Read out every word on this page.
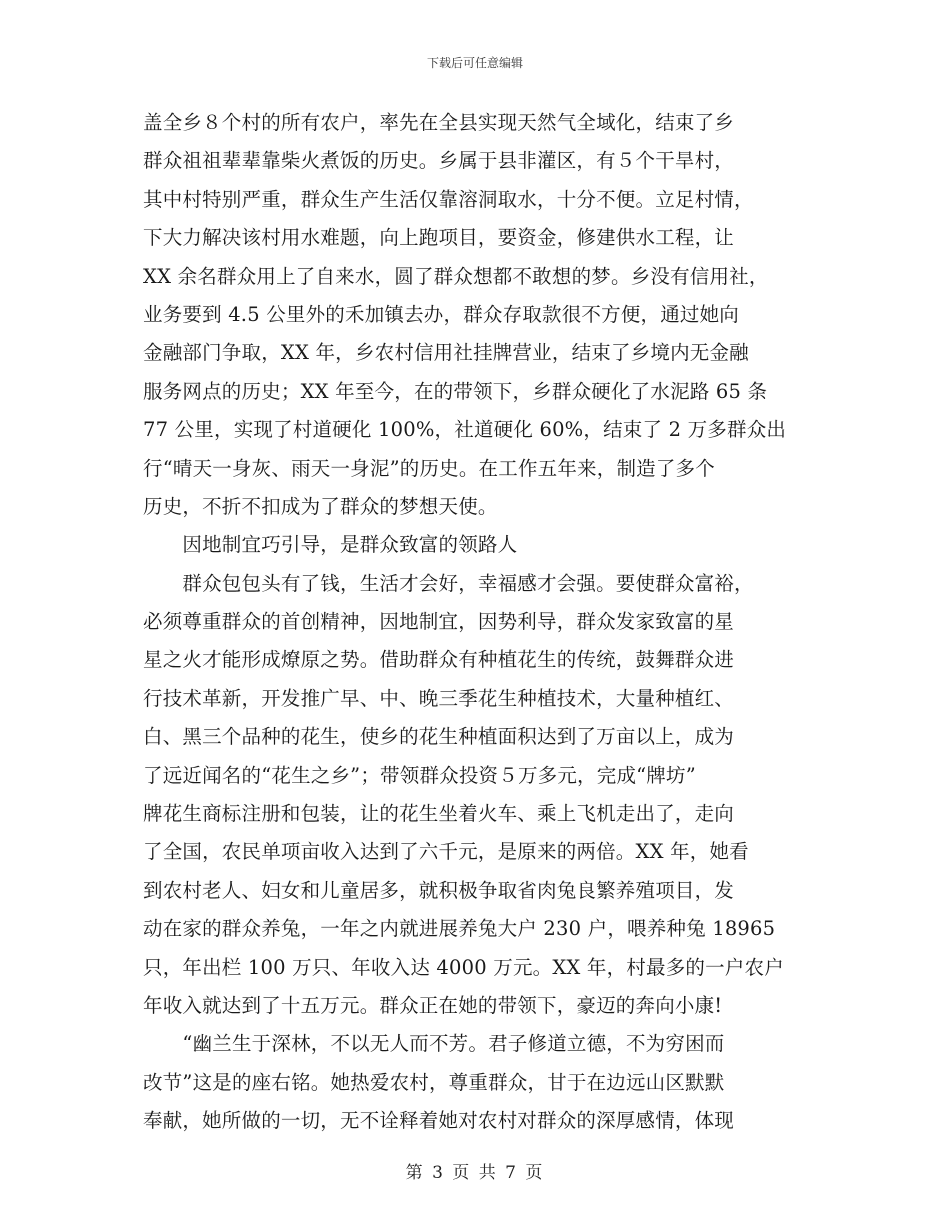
下载后可任意编辑
盖全乡８个村的所有农户，率先在全县实现天然气全域化，结束了乡
群众祖祖辈辈靠柴火煮饭的历史。乡属于县非灌区，有５个干旱村，
其中村特别严重，群众生产生活仅靠溶洞取水，十分不便。立足村情，
下大力解决该村用水难题，向上跑项目，要资金，修建供水工程，让
XX 余名群众用上了自来水，圆了群众想都不敢想的梦。乡没有信用社，
业务要到 4.5 公里外的禾加镇去办，群众存取款很不方便，通过她向
金融部门争取，XX 年，乡农村信用社挂牌营业，结束了乡境内无金融
服务网点的历史；XX 年至今，在的带领下，乡群众硬化了水泥路 65 条
77 公里，实现了村道硬化 100%，社道硬化 60%，结束了 2 万多群众出
行“晴天一身灰、雨天一身泥”的历史。在工作五年来，制造了多个
历史，不折不扣成为了群众的梦想天使。
　　因地制宜巧引导，是群众致富的领路人
　　群众包包头有了钱，生活才会好，幸福感才会强。要使群众富裕，
必须尊重群众的首创精神，因地制宜，因势利导，群众发家致富的星
星之火才能形成燎原之势。借助群众有种植花生的传统，鼓舞群众进
行技术革新，开发推广早、中、晚三季花生种植技术，大量种植红、
白、黑三个品种的花生，使乡的花生种植面积达到了万亩以上，成为
了远近闻名的“花生之乡”；带领群众投资５万多元，完成“牌坊”
牌花生商标注册和包装，让的花生坐着火车、乘上飞机走出了，走向
了全国，农民单项亩收入达到了六千元，是原来的两倍。XX 年，她看
到农村老人、妇女和儿童居多，就积极争取省肉兔良繁养殖项目，发
动在家的群众养兔，一年之内就进展养兔大户 230 户，喂养种兔 18965
只，年出栏 100 万只、年收入达 4000 万元。XX 年，村最多的一户农户
年收入就达到了十五万元。群众正在她的带领下，豪迈的奔向小康!
　　“幽兰生于深林，不以无人而不芳。君子修道立德，不为穷困而
改节”这是的座右铭。她热爱农村，尊重群众，甘于在边远山区默默
奉献，她所做的一切，无不诠释着她对农村对群众的深厚感情，体现
第 3 页 共 7 页
